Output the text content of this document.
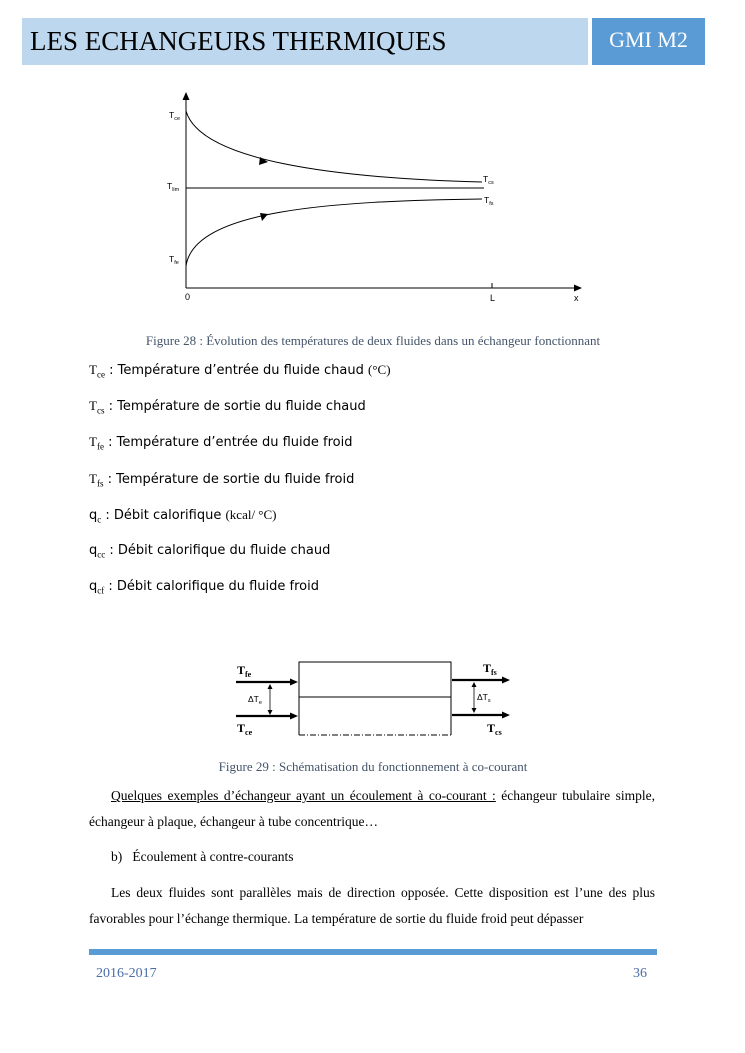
LES ECHANGEURS THERMIQUES	GMI M2
$T_{ce}$
$T_{lim}$
$T_{fe}$
$T_{cs}$
$T_{fs}$
0	L	x
Figure 28 : Évolution des températures de deux fluides dans un échangeur fonctionnant
$T_{ce}$ : Température d’entrée du fluide chaud (°C)
$T_{cs}$ : Température de sortie du fluide chaud
$T_{fe}$ : Température d’entrée du fluide froid
$T_{fs}$ : Température de sortie du fluide froid
$q_c$ : Débit calorifique (kcal/ °C)
$q_{cc}$ : Débit calorifique du fluide chaud
$q_{cf}$ : Débit calorifique du fluide froid
$T_{fe}$	$T_{fs}$
$T_{ce}$	$T_{cs}$
$\Delta T_e$
$\Delta T_s$
Figure 29 : Schématisation du fonctionnement à co-courant
Quelques exemples d’échangeur ayant un écoulement à co-courant : échangeur tubulaire simple, échangeur à plaque, échangeur à tube concentrique…
b) Écoulement à contre-courants
Les deux fluides sont parallèles mais de direction opposée. Cette disposition est l’une des plus favorables pour l’échange thermique. La température de sortie du fluide froid peut dépasser
2016-2017	36
